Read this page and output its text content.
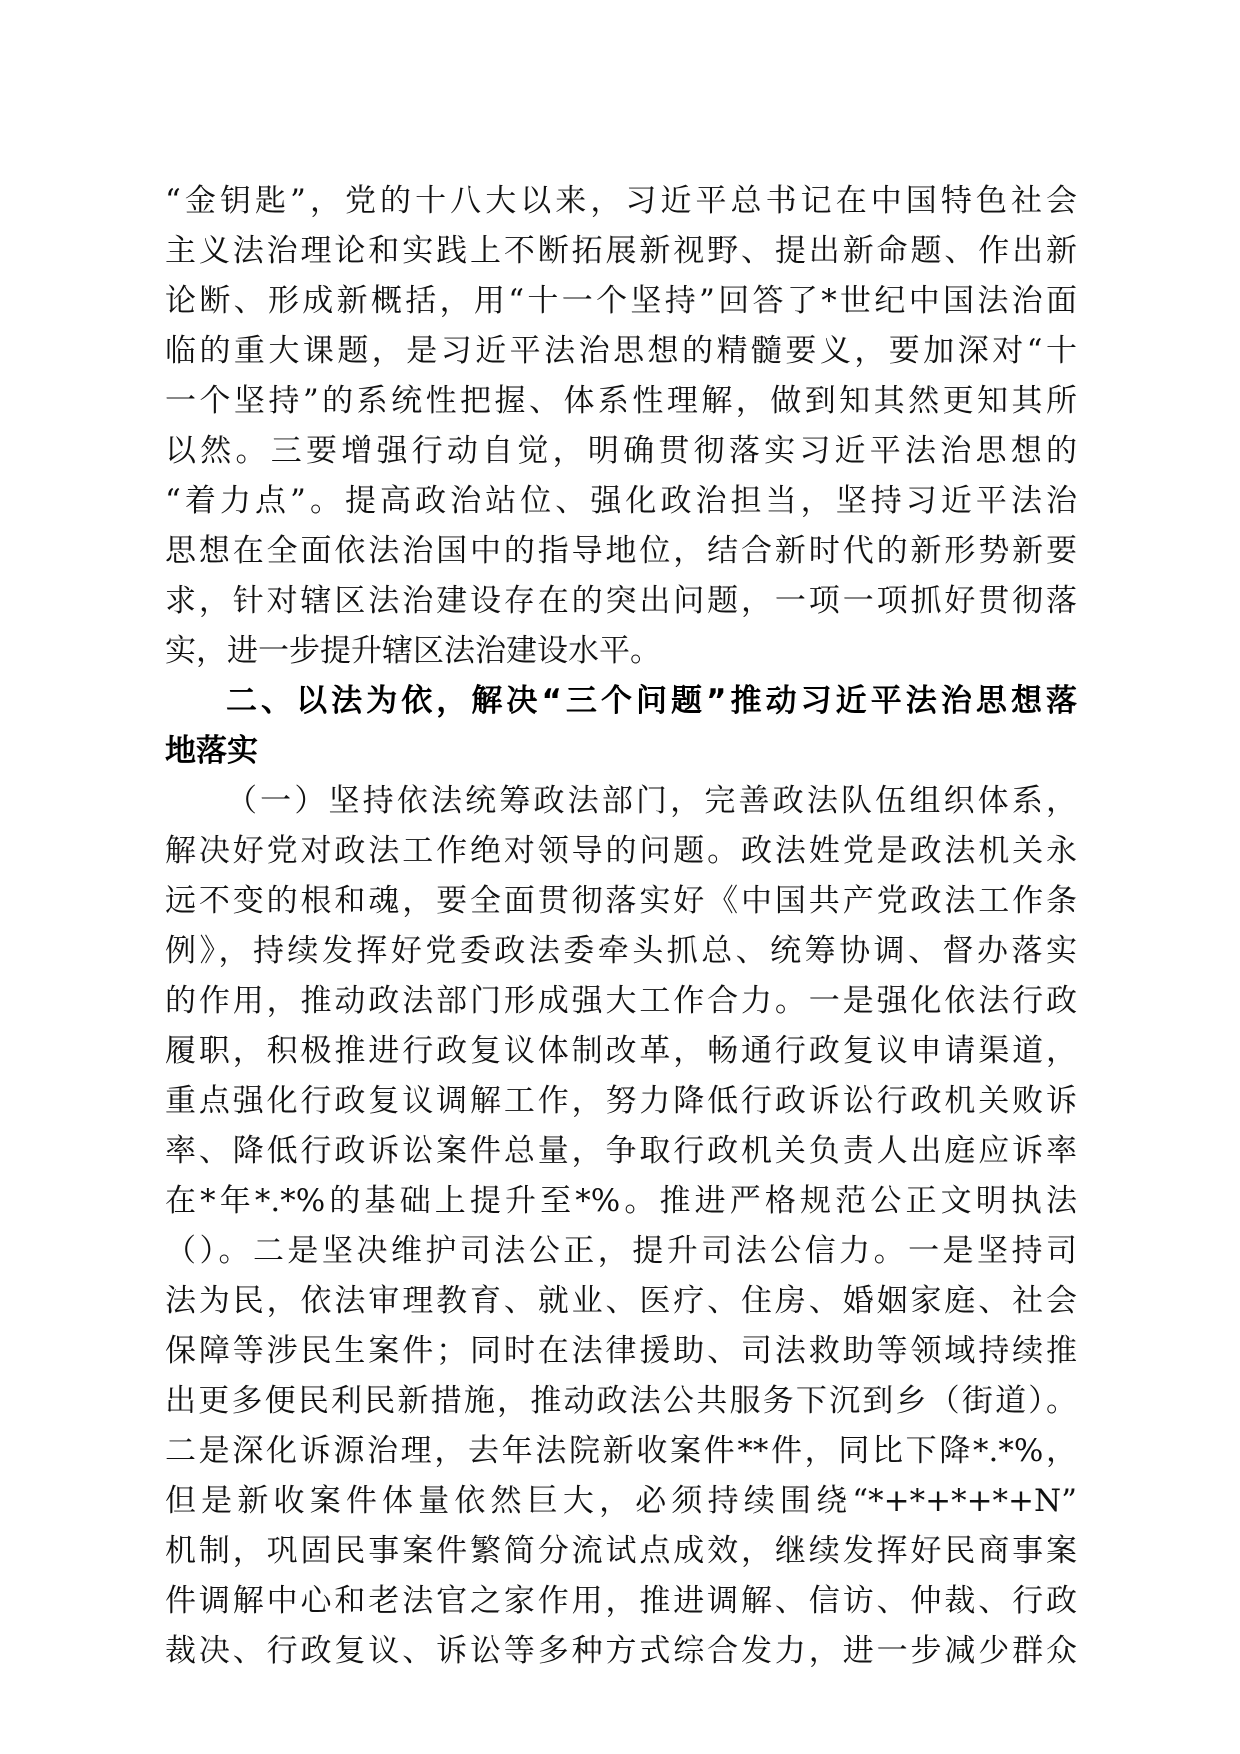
“金钥匙”，党的十八大以来，习近平总书记在中国特色社会
主义法治理论和实践上不断拓展新视野、提出新命题、作出新
论断、形成新概括，用“十一个坚持”回答了*世纪中国法治面
临的重大课题，是习近平法治思想的精髓要义，要加深对“十
一个坚持”的系统性把握、体系性理解，做到知其然更知其所
以然。三要增强行动自觉，明确贯彻落实习近平法治思想的
“着力点”。提高政治站位、强化政治担当，坚持习近平法治
思想在全面依法治国中的指导地位，结合新时代的新形势新要
求，针对辖区法治建设存在的突出问题，一项一项抓好贯彻落
实，进一步提升辖区法治建设水平。
二、以法为依，解决“三个问题”推动习近平法治思想落
地落实
（一）坚持依法统筹政法部门，完善政法队伍组织体系，
解决好党对政法工作绝对领导的问题。政法姓党是政法机关永
远不变的根和魂，要全面贯彻落实好《中国共产党政法工作条
例》，持续发挥好党委政法委牵头抓总、统筹协调、督办落实
的作用，推动政法部门形成强大工作合力。一是强化依法行政
履职，积极推进行政复议体制改革，畅通行政复议申请渠道，
重点强化行政复议调解工作，努力降低行政诉讼行政机关败诉
率、降低行政诉讼案件总量，争取行政机关负责人出庭应诉率
在*年*.*%的基础上提升至*%。推进严格规范公正文明执法
（）。二是坚决维护司法公正，提升司法公信力。一是坚持司
法为民，依法审理教育、就业、医疗、住房、婚姻家庭、社会
保障等涉民生案件；同时在法律援助、司法救助等领域持续推
出更多便民利民新措施，推动政法公共服务下沉到乡（街道）。
二是深化诉源治理，去年法院新收案件**件，同比下降*.*%，
但是新收案件体量依然巨大，必须持续围绕“*+*+*+*+N”
机制，巩固民事案件繁简分流试点成效，继续发挥好民商事案
件调解中心和老法官之家作用，推进调解、信访、仲裁、行政
裁决、行政复议、诉讼等多种方式综合发力，进一步减少群众
